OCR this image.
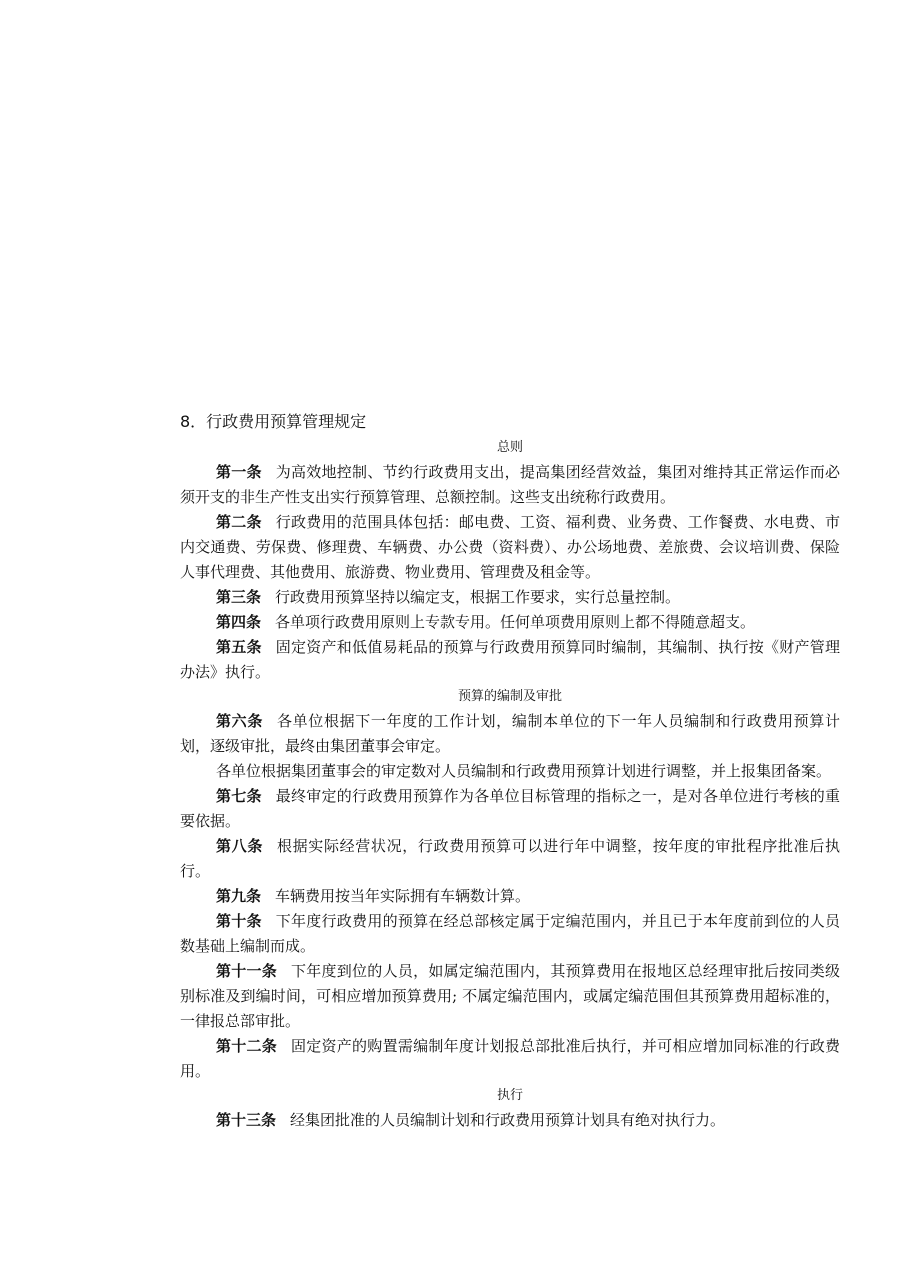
8．行政费用预算管理规定
总则

第一条 为高效地控制、节约行政费用支出，提高集团经营效益，集团对维持其正常运作而必须开支的非生产性支出实行预算管理、总额控制。这些支出统称行政费用。

第二条 行政费用的范围具体包括：邮电费、工资、福利费、业务费、工作餐费、水电费、市内交通费、劳保费、修理费、车辆费、办公费（资料费）、办公场地费、差旅费、会议培训费、保险人事代理费、其他费用、旅游费、物业费用、管理费及租金等。

第三条 行政费用预算坚持以编定支，根据工作要求，实行总量控制。

第四条 各单项行政费用原则上专款专用。任何单项费用原则上都不得随意超支。

第五条 固定资产和低值易耗品的预算与行政费用预算同时编制，其编制、执行按《财产管理办法》执行。

预算的编制及审批

第六条 各单位根据下一年度的工作计划，编制本单位的下一年人员编制和行政费用预算计划，逐级审批，最终由集团董事会审定。

各单位根据集团董事会的审定数对人员编制和行政费用预算计划进行调整，并上报集团备案。

第七条 最终审定的行政费用预算作为各单位目标管理的指标之一，是对各单位进行考核的重要依据。

第八条 根据实际经营状况，行政费用预算可以进行年中调整，按年度的审批程序批准后执行。

第九条 车辆费用按当年实际拥有车辆数计算。

第十条 下年度行政费用的预算在经总部核定属于定编范围内，并且已于本年度前到位的人员数基础上编制而成。

第十一条 下年度到位的人员，如属定编范围内，其预算费用在报地区总经理审批后按同类级别标准及到编时间，可相应增加预算费用; 不属定编范围内，或属定编范围但其预算费用超标准的，一律报总部审批。

第十二条 固定资产的购置需编制年度计划报总部批准后执行，并可相应增加同标准的行政费用。

执行

第十三条 经集团批准的人员编制计划和行政费用预算计划具有绝对执行力。
